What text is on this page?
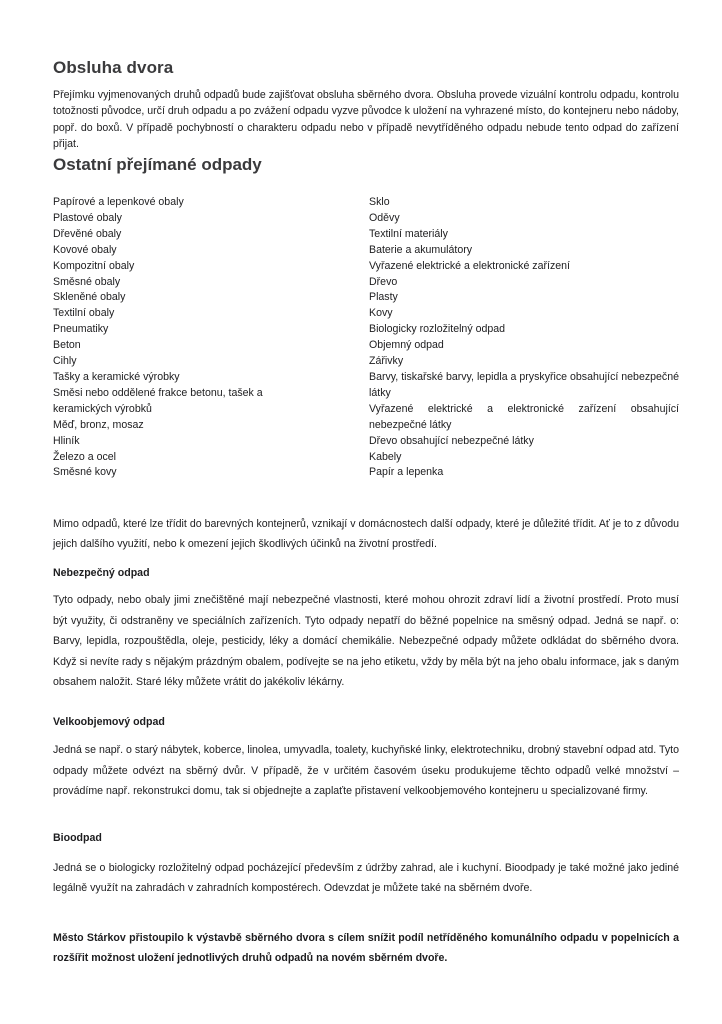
Obsluha dvora

Přejímku vyjmenovaných druhů odpadů bude zajišťovat obsluha sběrného dvora. Obsluha provede vizuální kontrolu odpadu, kontrolu totožnosti původce, určí druh odpadu a po zvážení odpadu vyzve původce k uložení na vyhrazené místo, do kontejneru nebo nádoby, popř. do boxů. V případě pochybností o charakteru odpadu nebo v případě nevytříděného odpadu nebude tento odpad do zařízení přijat.

Ostatní přejímané odpady
Papírové a lepenkové obaly
Plastové obaly
Dřevěné obaly
Kovové obaly
Kompozitní obaly
Směsné obaly
Skleněné obaly
Textilní obaly
Pneumatiky
Beton
Cihly
Tašky a keramické výrobky
Směsi nebo oddělené frakce betonu, tašek a keramických výrobků
Měď, bronz, mosaz
Hliník
Železo a ocel
Směsné kovy
Sklo
Oděvy
Textilní materiály
Baterie a akumulátory
Vyřazené elektrické a elektronické zařízení
Dřevo
Plasty
Kovy
Biologicky rozložitelný odpad
Objemný odpad
Zářivky
Barvy, tiskařské barvy, lepidla a pryskyřice obsahující nebezpečné látky
Vyřazené elektrické a elektronické zařízení obsahující nebezpečné látky
Dřevo obsahující nebezpečné látky
Kabely
Papír a lepenka

Mimo odpadů, které lze třídit do barevných kontejnerů, vznikají v domácnostech další odpady, které je důležité třídit. Ať je to z důvodu jejich dalšího využití, nebo k omezení jejich škodlivých účinků na životní prostředí.

Nebezpečný odpad

Tyto odpady, nebo obaly jimi znečištěné mají nebezpečné vlastnosti, které mohou ohrozit zdraví lidí a životní prostředí. Proto musí být využity, či odstraněny ve speciálních zařízeních. Tyto odpady nepatří do běžné popelnice na směsný odpad. Jedná se např. o: Barvy, lepidla, rozpouštědla, oleje, pesticidy, léky a domácí chemikálie. Nebezpečné odpady můžete odkládat do sběrného dvora. Když si nevíte rady s nějakým prázdným obalem, podívejte se na jeho etiketu, vždy by měla být na jeho obalu informace, jak s daným obsahem naložit. Staré léky můžete vrátit do jakékoliv lékárny.

Velkoobjemový odpad

Jedná se např. o starý nábytek, koberce, linolea, umyvadla, toalety, kuchyňské linky, elektrotechniku, drobný stavební odpad atd. Tyto odpady můžete odvézt na sběrný dvůr. V případě, že v určitém časovém úseku produkujeme těchto odpadů velké množství – provádíme např. rekonstrukci domu, tak si objednejte a zaplaťte přistavení velkoobjemového kontejneru u specializované firmy.

Bioodpad

Jedná se o biologicky rozložitelný odpad pocházející především z údržby zahrad, ale i kuchyní. Bioodpady je také možné jako jediné legálně využít na zahradách v zahradních kompostérech. Odevzdat je můžete také na sběrném dvoře.

Město Stárkov přistoupilo k výstavbě sběrného dvora s cílem snížit podíl netříděného komunálního odpadu v popelnicích a rozšířit možnost uložení jednotlivých druhů odpadů na novém sběrném dvoře.
